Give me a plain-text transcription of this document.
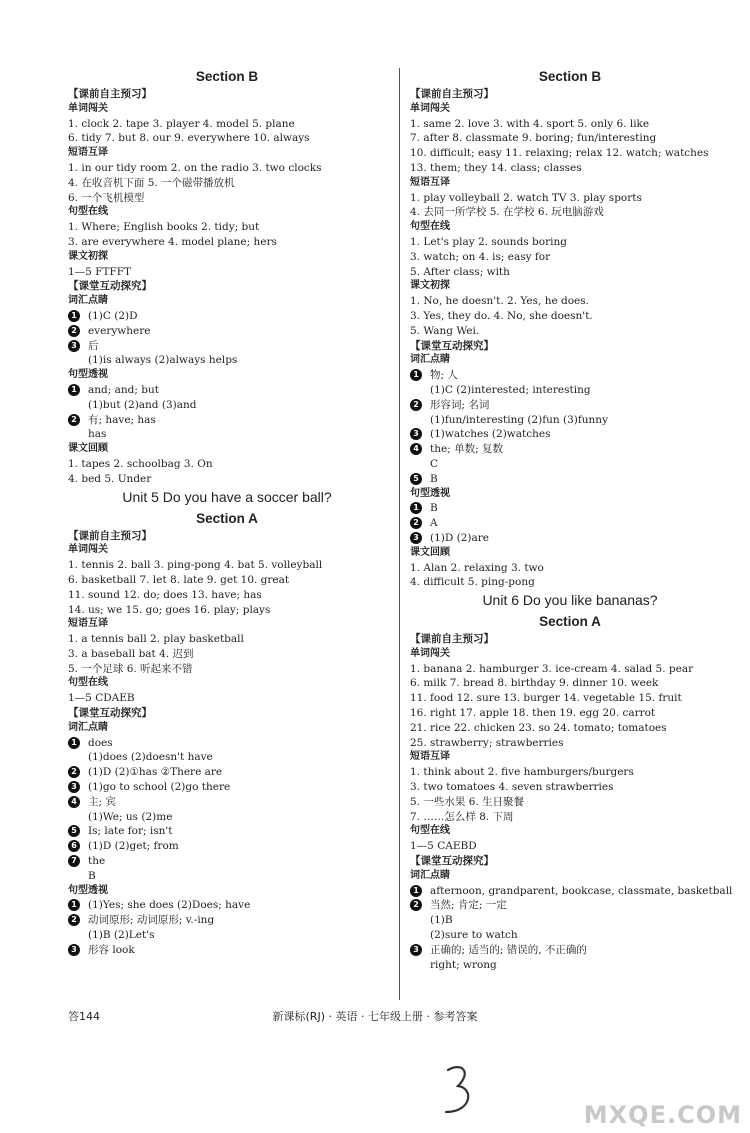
Section B
【课前自主预习】
单词闯关
1. clock 2. tape 3. player 4. model 5. plane
6. tidy 7. but 8. our 9. everywhere 10. always
短语互译
1. in our tidy room 2. on the radio 3. two clocks
4. 在收音机下面 5. 一个磁带播放机
6. 一个飞机模型
句型在线
1. Where; English books 2. tidy; but
3. are everywhere 4. model plane; hers
课文初探
1—5 FTFFT
【课堂互动探究】
词汇点睛
1 (1)C (2)D
2 everywhere
3 后
(1)is always (2)always helps
句型透视
1 and; and; but
(1)but (2)and (3)and
2 有; have; has
has
课文回顾
1. tapes 2. schoolbag 3. On
4. bed 5. Under
Unit 5 Do you have a soccer ball?
Section A
【课前自主预习】
单词闯关
1. tennis 2. ball 3. ping-pong 4. bat 5. volleyball
6. basketball 7. let 8. late 9. get 10. great
11. sound 12. do; does 13. have; has
14. us; we 15. go; goes 16. play; plays
短语互译
1. a tennis ball 2. play basketball
3. a baseball bat 4. 迟到
5. 一个足球 6. 听起来不错
句型在线
1—5 CDAEB
【课堂互动探究】
词汇点睛
1 does
(1)does (2)doesn't have
2 (1)D (2)①has ②There are
3 (1)go to school (2)go there
4 主; 宾
(1)We; us (2)me
5 Is; late for; isn't
6 (1)D (2)get; from
7 the
B
句型透视
1 (1)Yes; she does (2)Does; have
2 动词原形; 动词原形; v.-ing
(1)B (2)Let's
3 形容 look
Section B
【课前自主预习】
单词闯关
1. same 2. love 3. with 4. sport 5. only 6. like
7. after 8. classmate 9. boring; fun/interesting
10. difficult; easy 11. relaxing; relax 12. watch; watches
13. them; they 14. class; classes
短语互译
1. play volleyball 2. watch TV 3. play sports
4. 去同一所学校 5. 在学校 6. 玩电脑游戏
句型在线
1. Let's play 2. sounds boring
3. watch; on 4. is; easy for
5. After class; with
课文初探
1. No, he doesn't. 2. Yes, he does.
3. Yes, they do. 4. No, she doesn't.
5. Wang Wei.
【课堂互动探究】
词汇点睛
1 物; 人
(1)C (2)interested; interesting
2 形容词; 名词
(1)fun/interesting (2)fun (3)funny
3 (1)watches (2)watches
4 the; 单数; 复数
C
5 B
句型透视
1 B
2 A
3 (1)D (2)are
课文回顾
1. Alan 2. relaxing 3. two
4. difficult 5. ping-pong
Unit 6 Do you like bananas?
Section A
【课前自主预习】
单词闯关
1. banana 2. hamburger 3. ice-cream 4. salad 5. pear
6. milk 7. bread 8. birthday 9. dinner 10. week
11. food 12. sure 13. burger 14. vegetable 15. fruit
16. right 17. apple 18. then 19. egg 20. carrot
21. rice 22. chicken 23. so 24. tomato; tomatoes
25. strawberry; strawberries
短语互译
1. think about 2. five hamburgers/burgers
3. two tomatoes 4. seven strawberries
5. 一些水果 6. 生日聚餐
7. ……怎么样 8. 下周
句型在线
1—5 CAEBD
【课堂互动探究】
词汇点睛
1 afternoon, grandparent, bookcase, classmate, basketball
2 当然; 肯定; 一定
(1)B
(2)sure to watch
3 正确的; 适当的; 错误的, 不正确的
right; wrong
答144	新课标(RJ) · 英语 · 七年级上册 · 参考答案
MXQE.COM
